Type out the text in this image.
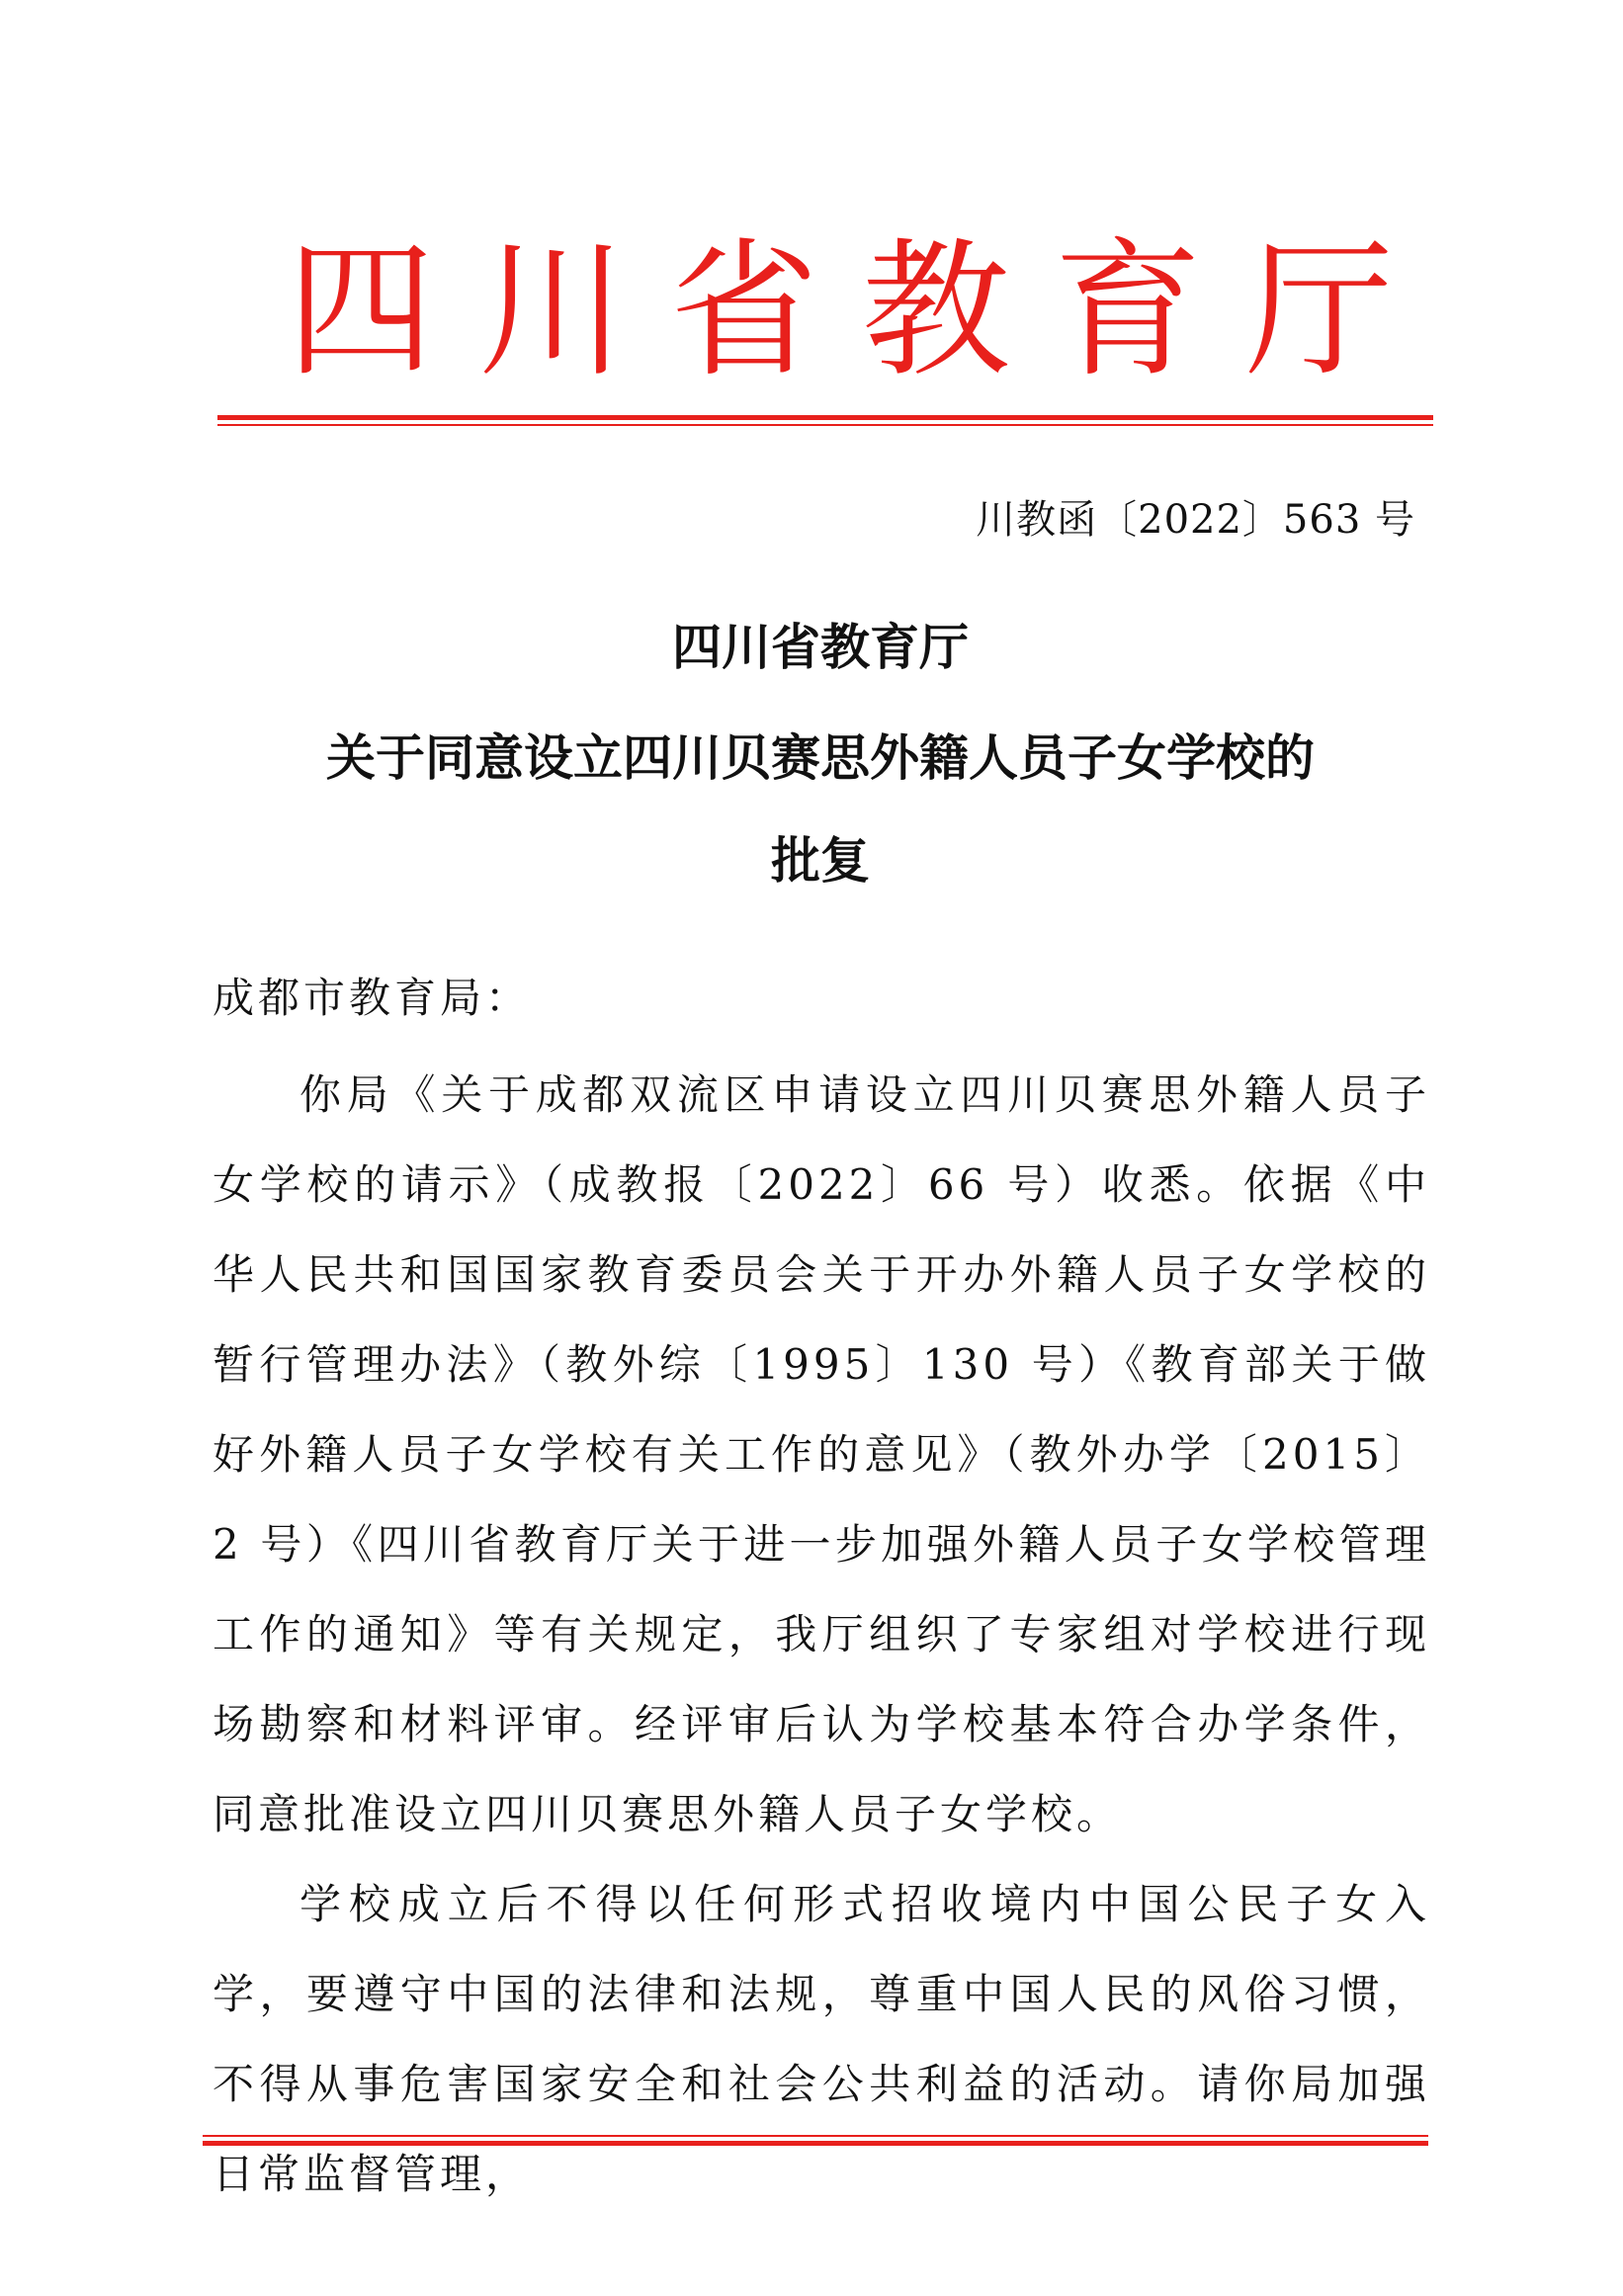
四 川 省 教 育 厅
川教函〔2022〕563 号
四川省教育厅
关于同意设立四川贝赛思外籍人员子女学校的
批复
成都市教育局：

你局《关于成都双流区申请设立四川贝赛思外籍人员子女学校的请示》（成教报〔2022〕66 号）收悉。依据《中华人民共和国国家教育委员会关于开办外籍人员子女学校的暂行管理办法》（教外综〔1995〕130 号）《教育部关于做好外籍人员子女学校有关工作的意见》（教外办学〔2015〕2 号）《四川省教育厅关于进一步加强外籍人员子女学校管理工作的通知》等有关规定，我厅组织了专家组对学校进行现场勘察和材料评审。经评审后认为学校基本符合办学条件，同意批准设立四川贝赛思外籍人员子女学校。

学校成立后不得以任何形式招收境内中国公民子女入学，要遵守中国的法律和法规，尊重中国人民的风俗习惯，不得从事危害国家安全和社会公共利益的活动。请你局加强日常监督管理，
